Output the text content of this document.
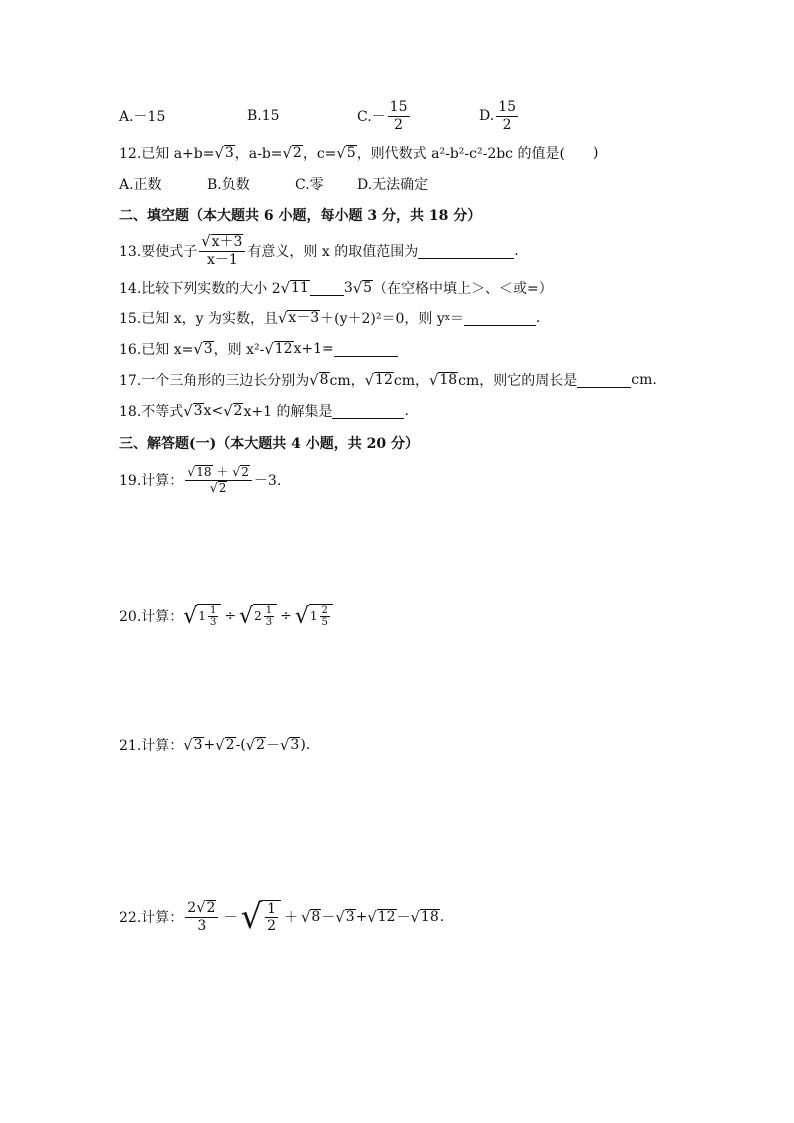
A.－15	B.15	$C.- \frac{15}{2}$	D. $\frac{15}{2}$
12.已知 a+b= √ 3 ，a-b= √ 2 ，c= √ 5 ，则代数式 a²-b²-c²-2bc 的值是( )
A.正数	B.负数	C.零	D.无法确定
二、填空题（本大题共 6 小题，每小题 3 分，共 18 分）
13.要使式子 $\frac{√ x+3}{x-1}$ 有意义，则 x 的取值范围为	.
14.比较下列实数的大小 2 √ 11	3 √ 5 （在空格中填上＞、＜或=）
15.已知 x，y 为实数，且 √ x－3 ＋(y＋2)²＝0，则 y x ＝	.
16.已知 x= √ 3 ，则 x²- √ 12 x+1=
17.一个三角形的三边长分别为 √ 8 cm， √ 12 cm， √ 18 cm，则它的周长是	cm.
18.不等式 √ 3 x< √ 2 x+1 的解集是	.
三、解答题(一)（本大题共 4 小题，共 20 分）
19.计算： $\frac{√ 18 + √ 2}{√ 2} -3$.
20.计算： √ $1 \frac{1}{3}$ ÷ √ $2 \frac{1}{3}$ ÷ √ $1 \frac{2}{5}$
21.计算： √ 3 + √ 2 -( √ 2 － √ 3 ).
22.计算： $\frac{2 √ 2}{3}$ － √ $\frac{1}{2}$ ＋ √ 8 － √ 3 + √ 12 － √ 18 .
